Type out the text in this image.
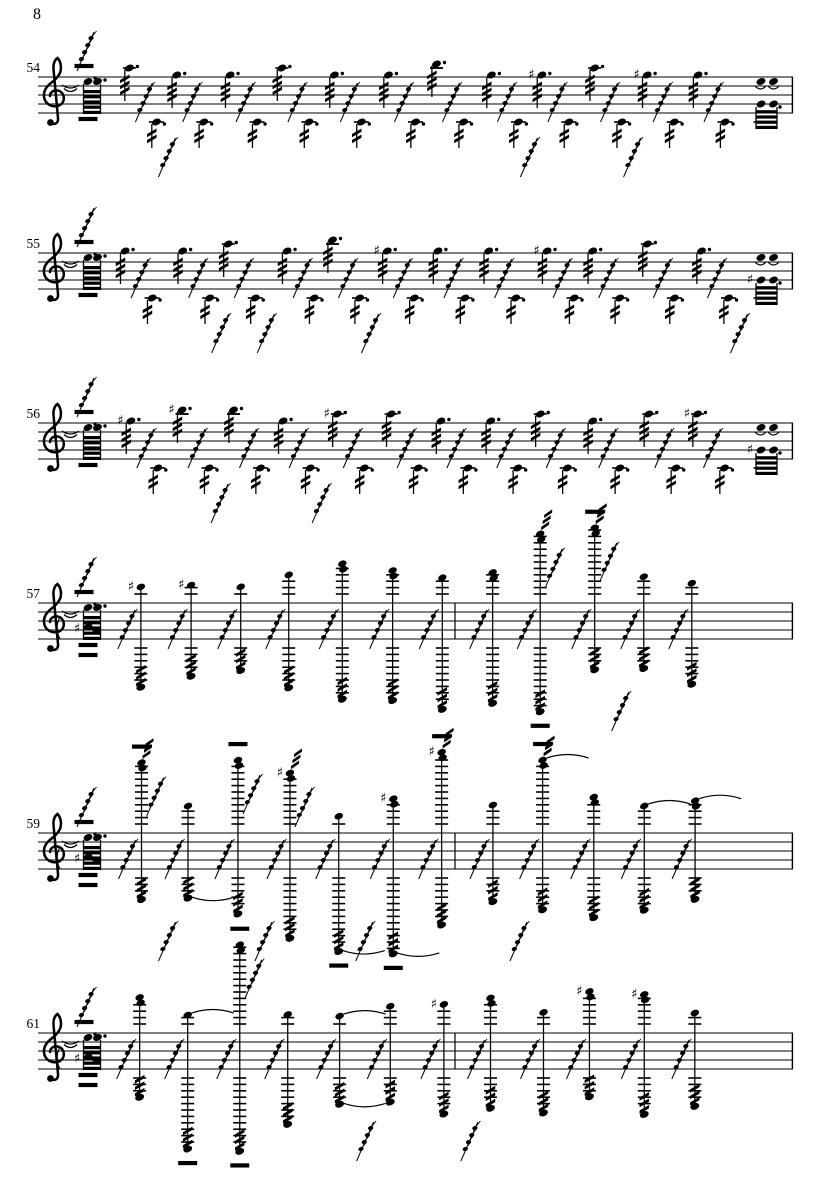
8
54	♯	♯
55	♯	♯
♯
56	♯
♯	♯	♯
♯
57
♯
♯	♯
59
♯
♯
♯
♯
61
♯
♯
♯	♯
